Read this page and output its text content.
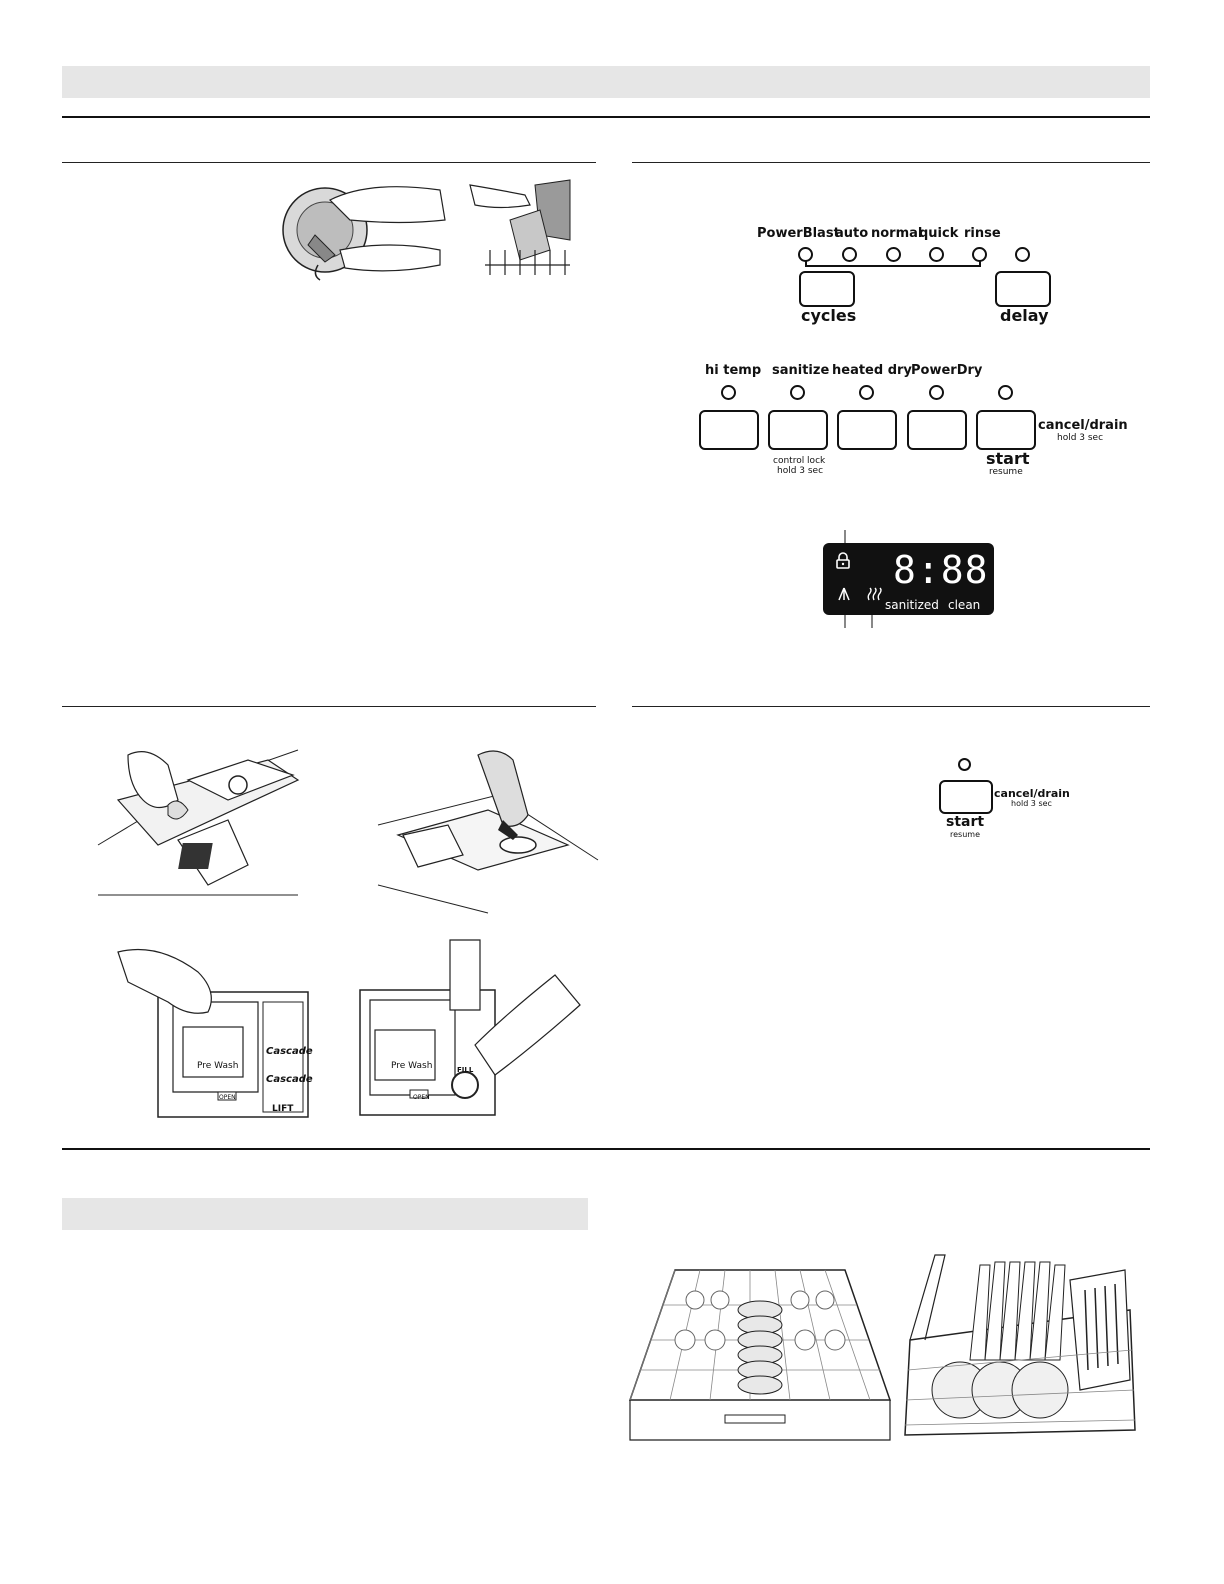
PowerBlast
auto normal
quick rinse
cycles	delay
hi temp sanitize heated dry PowerDry
cancel/drain
hold 3 sec
control lock
hold 3 sec
start
resume
8:88
sanitized clean
Pre Wash
OPEN
Cascade
Cascade
LIFT
Pre Wash
OPEN
FILL
cancel/drain
hold 3 sec
start
resume
